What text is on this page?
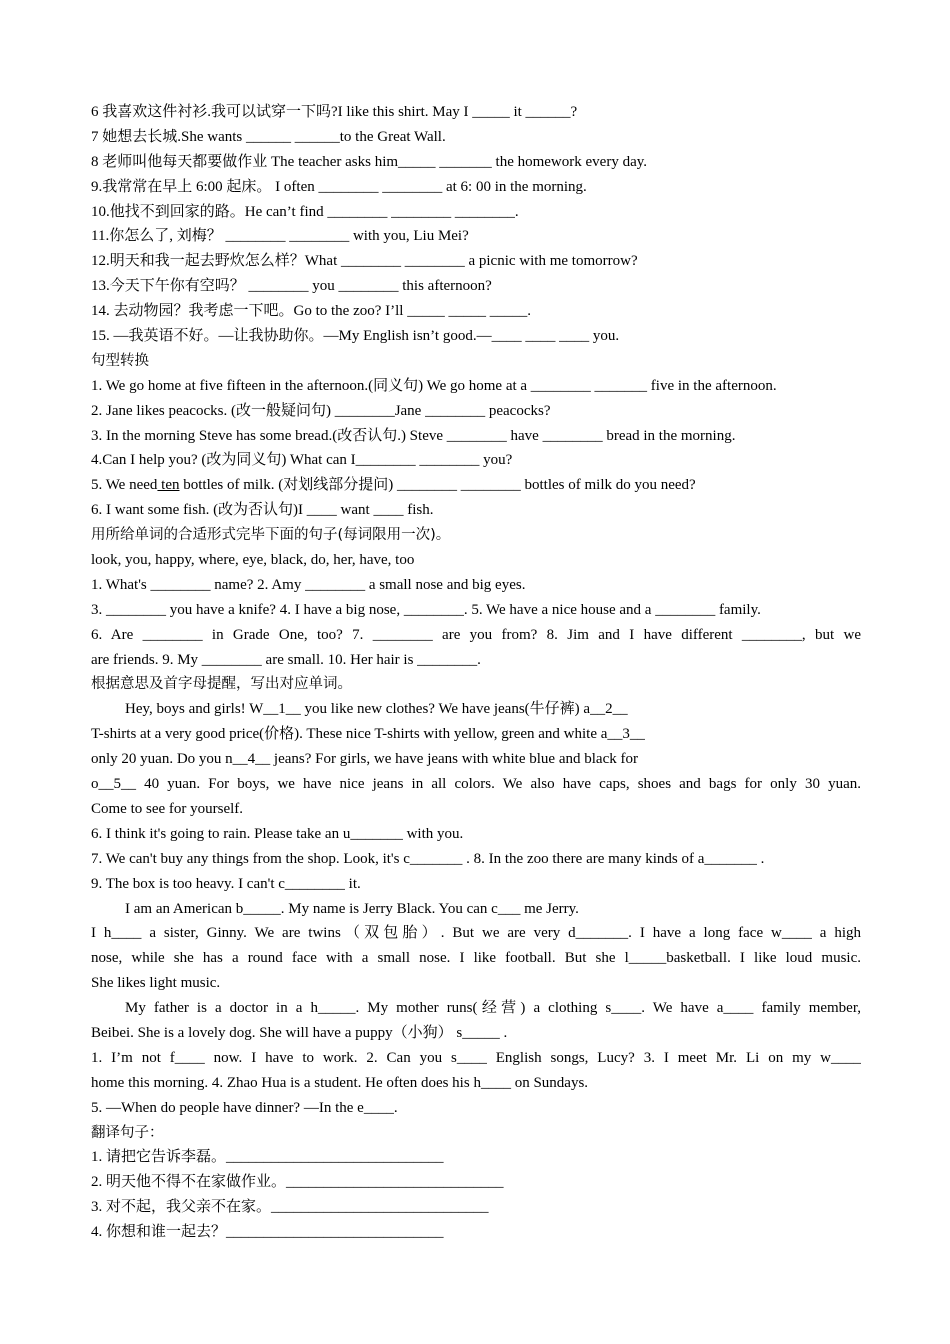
6 我喜欢这件衬衫.我可以试穿一下吗?I like this shirt. May I _____ it ______?
7 她想去长城.She wants ______ ______to the Great Wall.
8 老师叫他每天都要做作业 The teacher asks him_____ _______ the homework every day.
9.我常常在早上 6:00 起床。 I often ________ ________ at 6: 00 in the morning.
10.他找不到回家的路。He can’t find ________ ________ ________.
11.你怎么了, 刘梅？ ________ ________ with you, Liu Mei?
12.明天和我一起去野炊怎么样？What ________ ________ a picnic with me tomorrow?
13.今天下午你有空吗？ ________ you ________ this afternoon?
14. 去动物园？我考虑一下吧。Go to the zoo? I’ll _____ _____ _____.
15. —我英语不好。—让我协助你。—My English isn’t good.—____ ____ ____ you.
句型转换
1. We go home at five fifteen in the afternoon.(同义句) We go home at a ________ _______ five in the afternoon.
2. Jane likes peacocks. (改一般疑问句) ________Jane ________ peacocks?
3. In the morning Steve has some bread.(改否认句.) Steve ________ have ________ bread in the morning.
4.Can I help you? (改为同义句) What can I________ ________ you?
5. We need ten bottles of milk. (对划线部分提问) ________ ________ bottles of milk do you need?
6. I want some fish. (改为否认句)I ____ want ____ fish.
用所给单词的合适形式完毕下面的句子(每词限用一次)。
look, you, happy, where, eye, black, do, her, have, too
1. What's ________ name? 2. Amy ________ a small nose and big eyes.
3. ________ you have a knife? 4. I have a big nose, ________. 5. We have a nice house and a ________ family.
6. Are ________ in Grade One, too? 7. ________ are you from? 8. Jim and I have different ________, but we
are friends. 9. My ________ are small. 10. Her hair is ________.
根据意思及首字母提醒，写出对应单词。
Hey, boys and girls! W__1__ you like new clothes? We have jeans(牛仔裤) a__2__
T-shirts at a very good price(价格). These nice T-shirts with yellow, green and white a__3__
only 20 yuan. Do you n__4__ jeans? For girls, we have jeans with white blue and black for
o__5__ 40 yuan. For boys, we have nice jeans in all colors. We also have caps, shoes and bags for only 30 yuan.
Come to see for yourself.
6. I think it's going to rain. Please take an u_______ with you.
7. We can't buy any things from the shop. Look, it's c_______ . 8. In the zoo there are many kinds of a_______ .
9. The box is too heavy. I can't c________ it.
I am an American b_____. My name is Jerry Black. You can c___ me Jerry.
I h____ a sister, Ginny. We are twins（双包胎）. But we are very d_______. I have a long face w____ a high
nose, while she has a round face with a small nose. I like football. But she l_____basketball. I like loud music.
She likes light music.
My father is a doctor in a h_____. My mother runs(经营) a clothing s____. We have a____ family member,
Beibei. She is a lovely dog. She will have a puppy（小狗） s_____ .
1. I’m not f____ now. I have to work. 2. Can you s____ English songs, Lucy? 3. I meet Mr. Li on my w____
home this morning. 4. Zhao Hua is a student. He often does his h____ on Sundays.
5. —When do people have dinner? —In the e____.
翻译句子：
1. 请把它告诉李磊。_____________________________
2. 明天他不得不在家做作业。_____________________________
3. 对不起，我父亲不在家。_____________________________
4. 你想和谁一起去？_____________________________
